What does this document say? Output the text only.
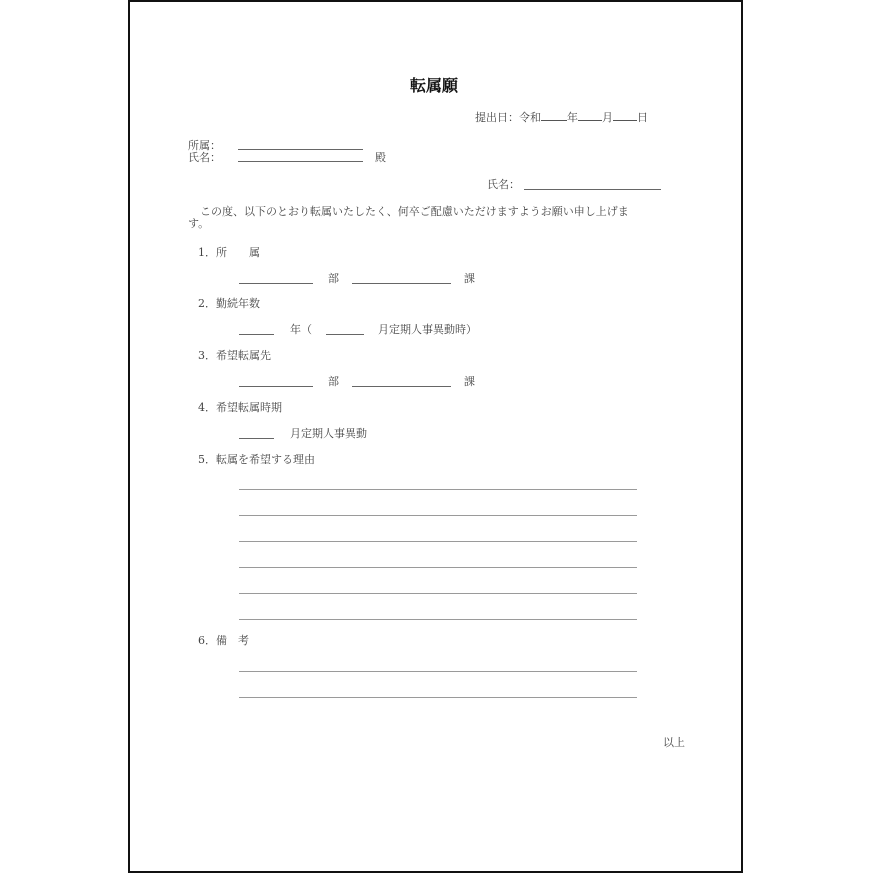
転属願
提出日：令和 年 月 日
所属：
氏名：	殿
氏名：
この度、以下のとおり転属いたしたく、何卒ご配慮いただけますようお願い申し上げま
す。
1．所　　属
部	課
2．勤続年数
年（	月定期人事異動時）
3．希望転属先
部	課
4．希望転属時期
月定期人事異動
5．転属を希望する理由
6．備　考
以上
